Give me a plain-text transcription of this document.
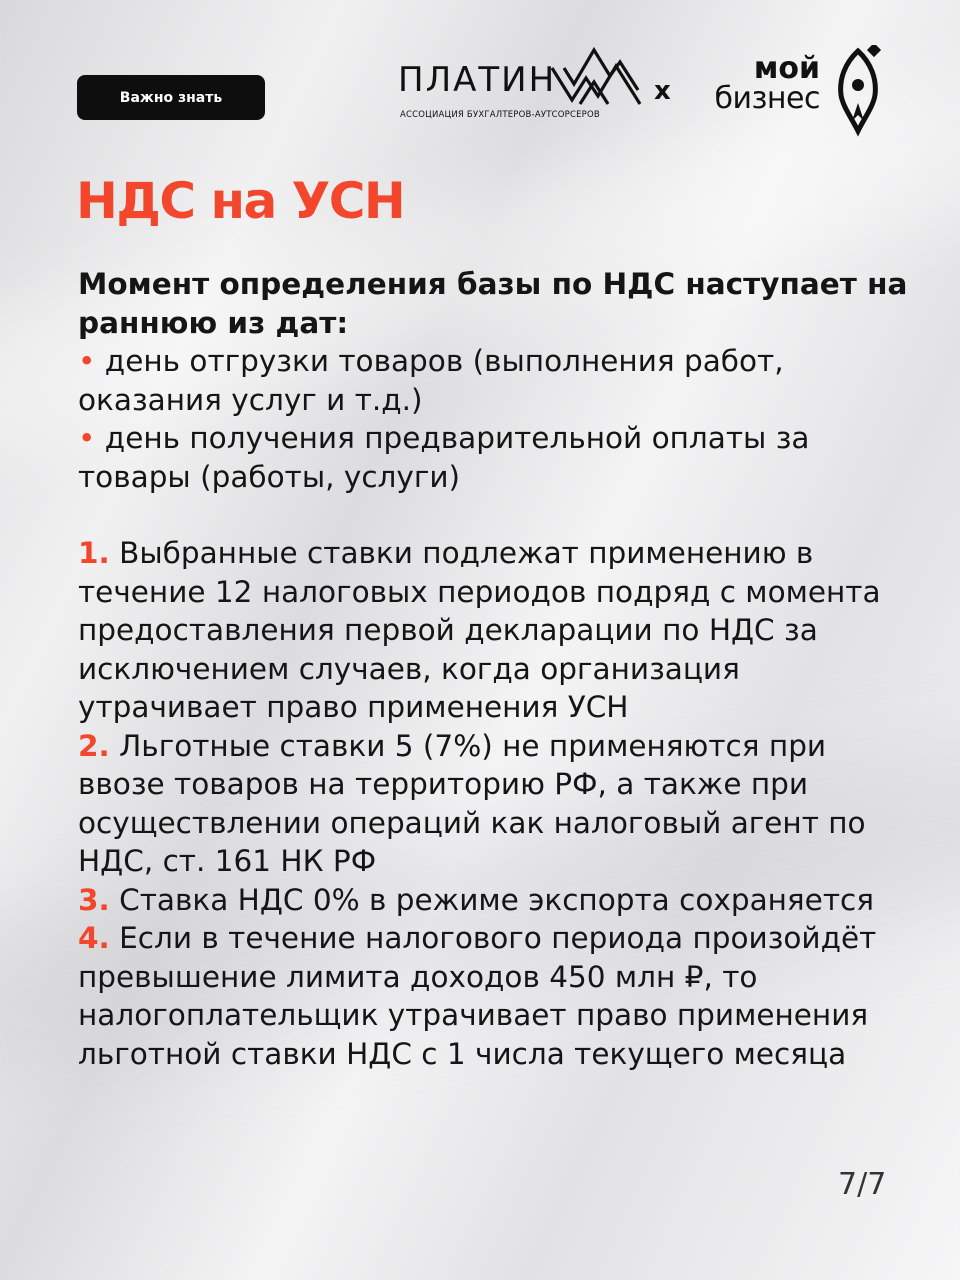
Важно знать	ПЛАТИН
АССОЦИАЦИЯ БУХГАЛТЕРОВ-АУТСОРСЕРОВ
x
мой
бизнес
НДС на УСН

Момент определения базы по НДС наступает на раннюю из дат:

• день отгрузки товаров (выполнения работ, оказания услуг и т.д.)

• день получения предварительной оплаты за товары (работы, услуги)

1. Выбранные ставки подлежат применению в течение 12 налоговых периодов подряд с момента предоставления первой декларации по НДС за исключением случаев, когда организация утрачивает право применения УСН

2. Льготные ставки 5 (7%) не применяются при ввозе товаров на территорию РФ, а также при осуществлении операций как налоговый агент по НДС, ст. 161 НК РФ

3. Ставка НДС 0% в режиме экспорта сохраняется

4. Если в течение налогового периода произойдёт превышение лимита доходов 450 млн ₽, то налогоплательщик утрачивает право применения льготной ставки НДС с 1 числа текущего месяца

7/7
